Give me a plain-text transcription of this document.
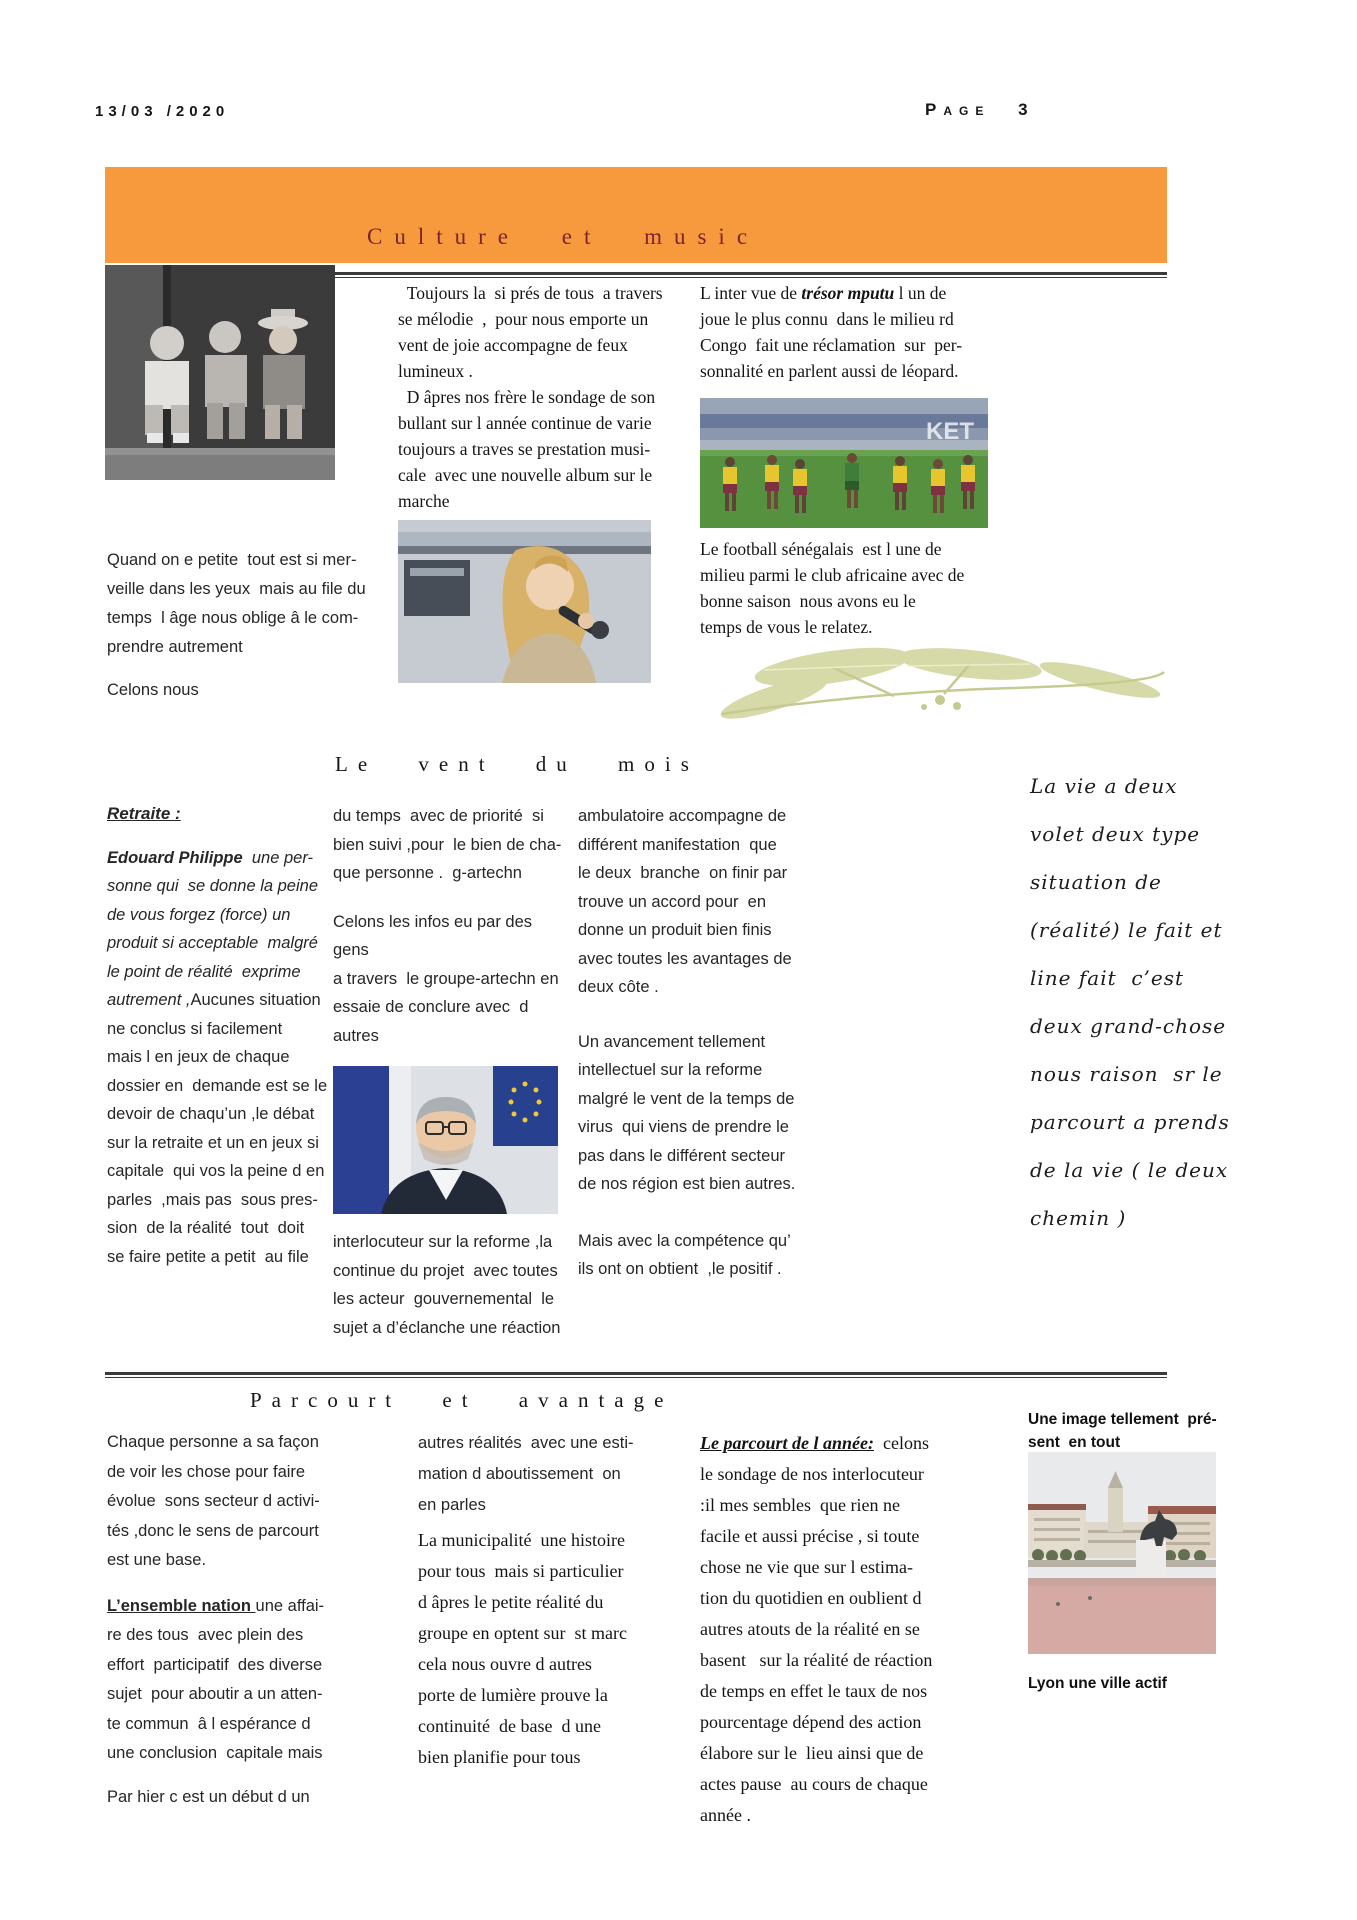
13/03 /2020	Page 3
Culture et music
Quand on e petite  tout est si mer-
veille dans les yeux  mais au file du
temps  l âge nous oblige â le com-
prendre autrement
Celons nous
Toujours la  si prés de tous  a travers
se mélodie  ,  pour nous emporte un
vent de joie accompagne de feux
lumineux .
D âpres nos frère le sondage de son
bullant sur l année continue de varie
toujours a traves se prestation musi-
cale  avec une nouvelle album sur le
marche
L inter vue de trésor mputu l un de
joue le plus connu  dans le milieu rd
Congo  fait une réclamation  sur  per-
sonnalité en parlent aussi de léopard.
KET
Le football sénégalais  est l une de
milieu parmi le club africaine avec de
bonne saison  nous avons eu le
temps de vous le relatez.
Le vent du mois
Retraite :
Edouard Philippe  une per-
sonne qui  se donne la peine
de vous forgez (force) un
produit si acceptable  malgré
le point de réalité  exprime
autrement ,Aucunes situation
ne conclus si facilement
mais l en jeux de chaque
dossier en  demande est se le
devoir de chaqu’un ,le débat
sur la retraite et un en jeux si
capitale  qui vos la peine d en
parles  ,mais pas  sous pres-
sion  de la réalité  tout  doit
se faire petite a petit  au file
du temps  avec de priorité  si
bien suivi ,pour  le bien de cha-
que personne .  g-artechn
Celons les infos eu par des gens
a travers  le groupe-artechn en
essaie de conclure avec  d autres
interlocuteur sur la reforme ,la
continue du projet  avec toutes
les acteur  gouvernemental  le
sujet a d’éclanche une réaction
ambulatoire accompagne de
différent manifestation  que
le deux  branche  on finir par
trouve un accord pour  en
donne un produit bien finis
avec toutes les avantages de
deux côte .
Un avancement tellement
intellectuel sur la reforme
malgré le vent de la temps de
virus  qui viens de prendre le
pas dans le différent secteur
de nos région est bien autres.
Mais avec la compétence qu’
ils ont on obtient  ,le positif .
La vie a deux
volet deux type
situation de
(réalité) le fait et
line fait  c’est
deux grand-chose
nous raison  sr le
parcourt a prends
de la vie ( le deux
chemin )
Parcourt et avantage
Chaque personne a sa façon
de voir les chose pour faire
évolue  sons secteur d activi-
tés ,donc le sens de parcourt
est une base.
L’ensemble nation une affai-
re des tous  avec plein des
effort  participatif  des diverse
sujet  pour aboutir a un atten-
te commun  â l espérance d
une conclusion  capitale mais
Par hier c est un début d un
autres réalités  avec une esti-
mation d aboutissement  on
en parles
La municipalité  une histoire
pour tous  mais si particulier
d âpres le petite réalité du
groupe en optent sur  st marc
cela nous ouvre d autres
porte de lumière prouve la
continuité  de base  d une
bien planifie pour tous
Le parcourt de l année:  celons
le sondage de nos interlocuteur
:il mes sembles  que rien ne
facile et aussi précise , si toute
chose ne vie que sur l estima-
tion du quotidien en oublient d
autres atouts de la réalité en se
basent   sur la réalité de réaction
de temps en effet le taux de nos
pourcentage dépend des action
élabore sur le  lieu ainsi que de
actes pause  au cours de chaque
année .
Une image tellement  pré-
sent  en tout
Lyon une ville actif
